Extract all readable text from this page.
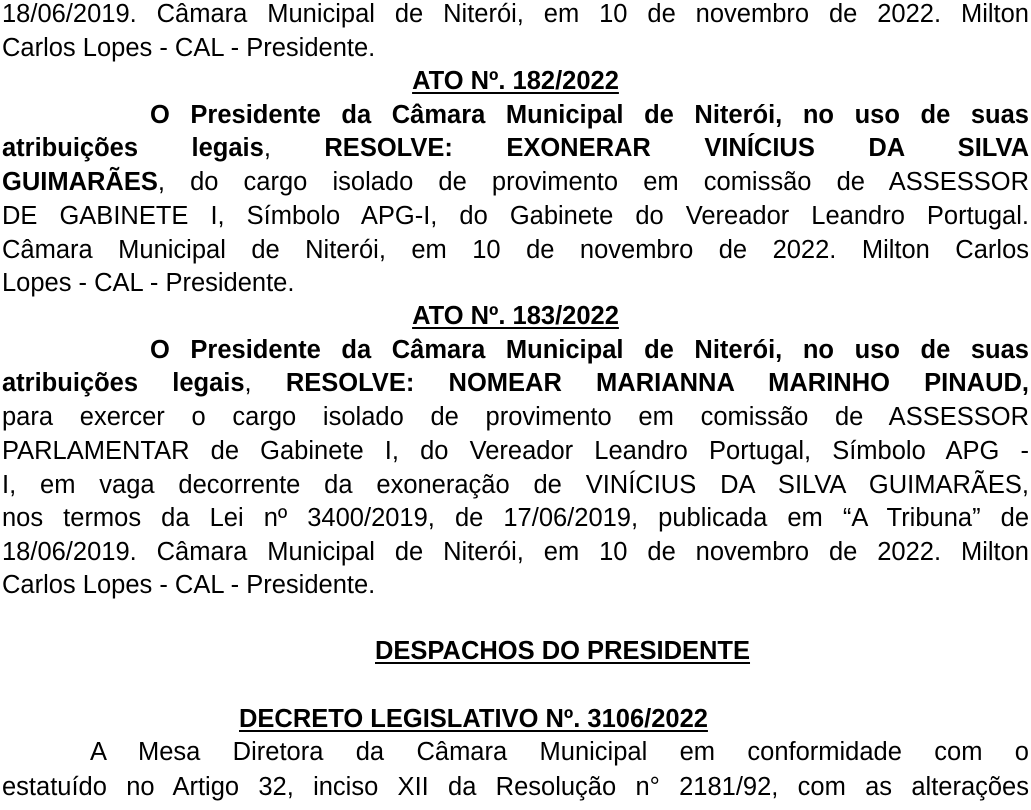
18/06/2019. Câmara Municipal de Niterói, em 10 de novembro de 2022. Milton
Carlos Lopes - CAL - Presidente.
ATO Nº. 182/2022
O Presidente da Câmara Municipal de Niterói, no uso de suas
atribuições legais, RESOLVE: EXONERAR VINÍCIUS DA SILVA
GUIMARÃES, do cargo isolado de provimento em comissão de ASSESSOR
DE GABINETE I, Símbolo APG-I, do Gabinete do Vereador Leandro Portugal.
Câmara Municipal de Niterói, em 10 de novembro de 2022. Milton Carlos
Lopes - CAL - Presidente.
ATO Nº. 183/2022
O Presidente da Câmara Municipal de Niterói, no uso de suas
atribuições legais, RESOLVE: NOMEAR MARIANNA MARINHO PINAUD,
para exercer o cargo isolado de provimento em comissão de ASSESSOR
PARLAMENTAR de Gabinete I, do Vereador Leandro Portugal, Símbolo APG -
I, em vaga decorrente da exoneração de VINÍCIUS DA SILVA GUIMARÃES,
nos termos da Lei nº 3400/2019, de 17/06/2019, publicada em “A Tribuna” de
18/06/2019. Câmara Municipal de Niterói, em 10 de novembro de 2022. Milton
Carlos Lopes - CAL - Presidente.
DESPACHOS DO PRESIDENTE
DECRETO LEGISLATIVO Nº. 3106/2022
A Mesa Diretora da Câmara Municipal em conformidade com o
estatuído no Artigo 32, inciso XII da Resolução n° 2181/92, com as alterações
